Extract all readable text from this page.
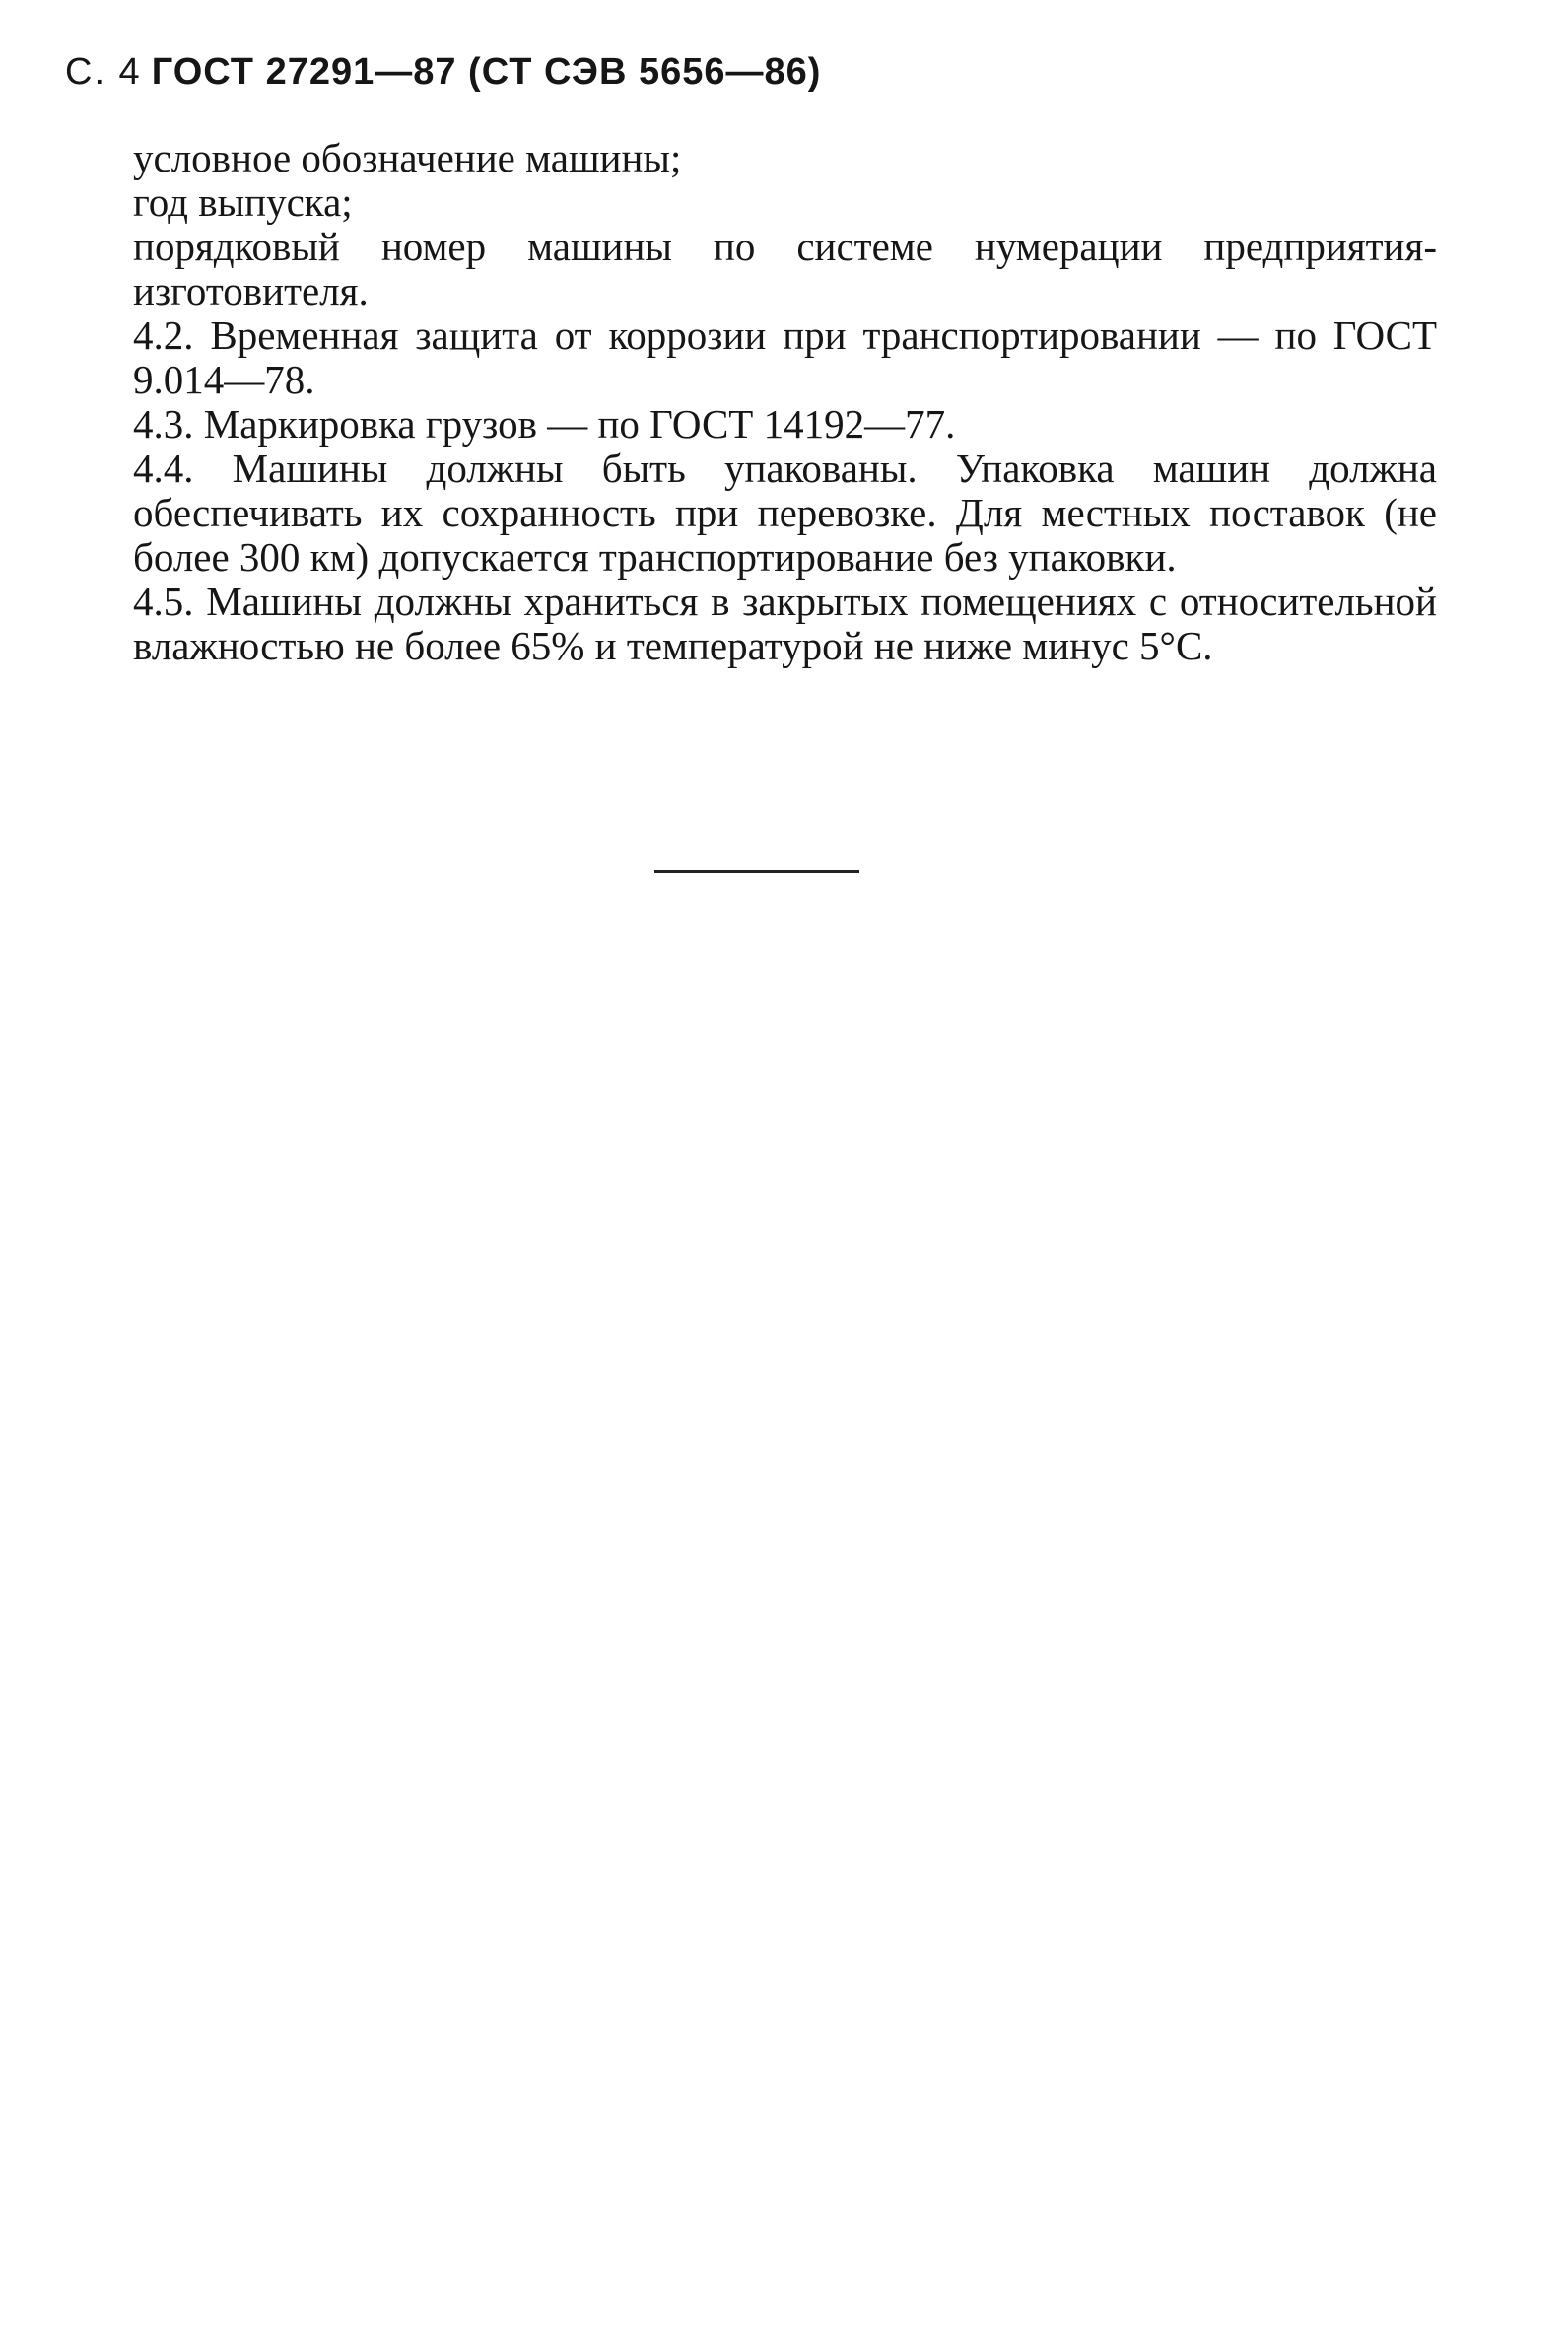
С. 4 ГОСТ 27291—87 (СТ СЭВ 5656—86)

условное обозначение машины;

год выпуска;

порядковый номер машины по системе нумерации предприятия-изготовителя.

4.2. Временная защита от коррозии при транспортировании — по ГОСТ 9.014—78.

4.3. Маркировка грузов — по ГОСТ 14192—77.

4.4. Машины должны быть упакованы. Упаковка машин должна обеспечивать их сохранность при перевозке. Для местных поставок (не более 300 км) допускается транспортирование без упаковки.

4.5. Машины должны храниться в закрытых помещениях с относительной влажностью не более 65% и температурой не ниже минус 5°С.
